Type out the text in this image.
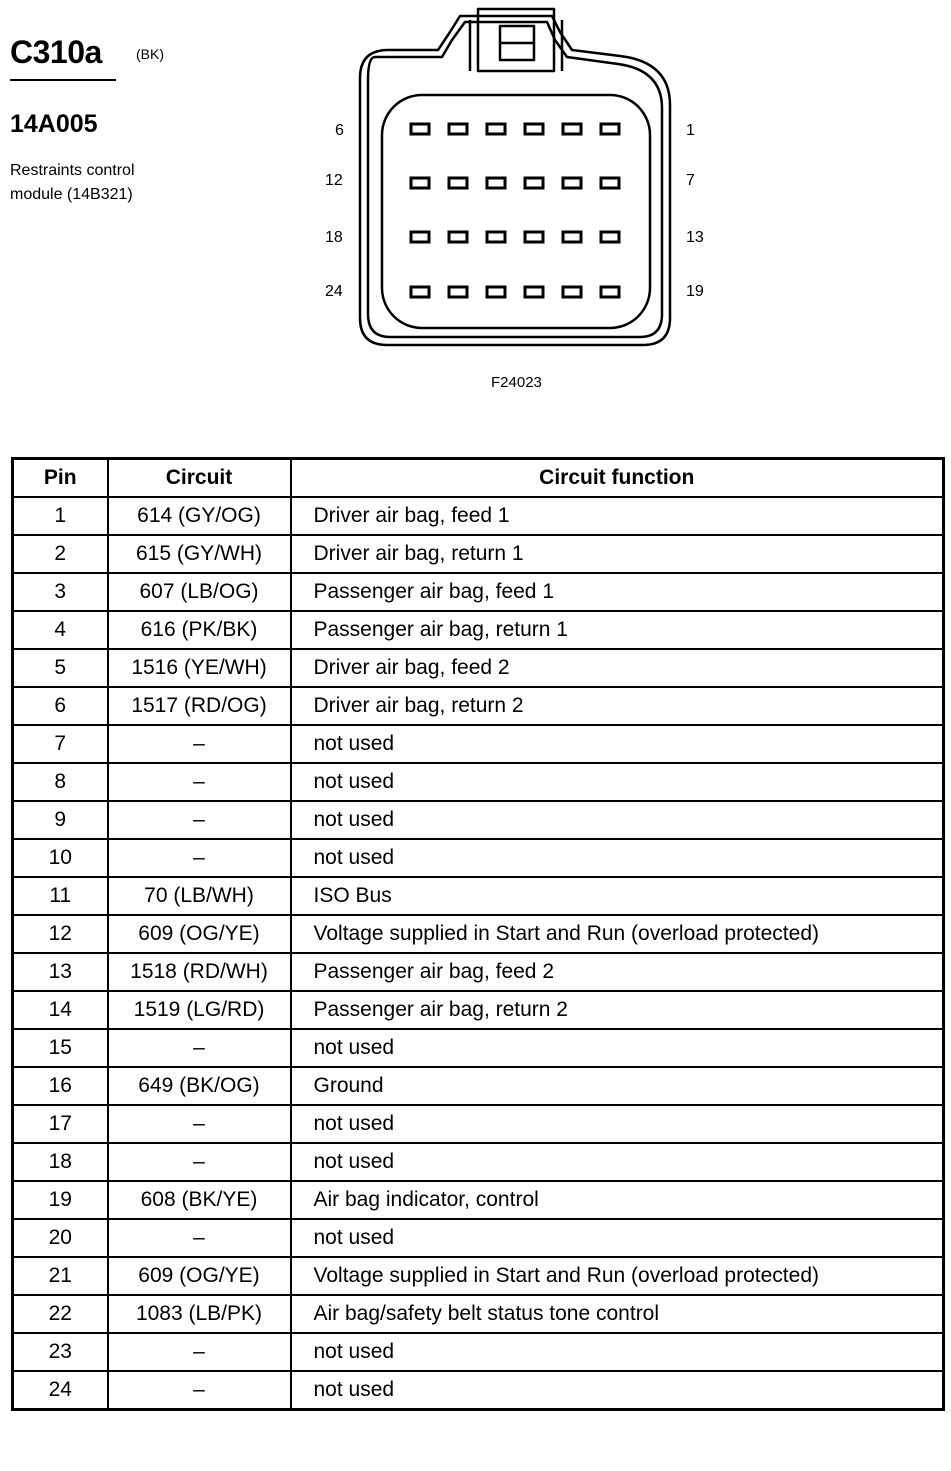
C310a (BK)
14A005
Restraints control
module (14B321)
6
12
18
24
1
7
13
19
F24023
Pin	Circuit	Circuit function
1	614 (GY/OG)	Driver air bag, feed 1
2	615 (GY/WH)	Driver air bag, return 1
3	607 (LB/OG)	Passenger air bag, feed 1
4	616 (PK/BK)	Passenger air bag, return 1
5	1516 (YE/WH)	Driver air bag, feed 2
6	1517 (RD/OG)	Driver air bag, return 2
7	–	not used
8	–	not used
9	–	not used
10	–	not used
11	70 (LB/WH)	ISO Bus
12	609 (OG/YE)	Voltage supplied in Start and Run (overload protected)
13	1518 (RD/WH)	Passenger air bag, feed 2
14	1519 (LG/RD)	Passenger air bag, return 2
15	–	not used
16	649 (BK/OG)	Ground
17	–	not used
18	–	not used
19	608 (BK/YE)	Air bag indicator, control
20	–	not used
21	609 (OG/YE)	Voltage supplied in Start and Run (overload protected)
22	1083 (LB/PK)	Air bag/safety belt status tone control
23	–	not used
24	–	not used
